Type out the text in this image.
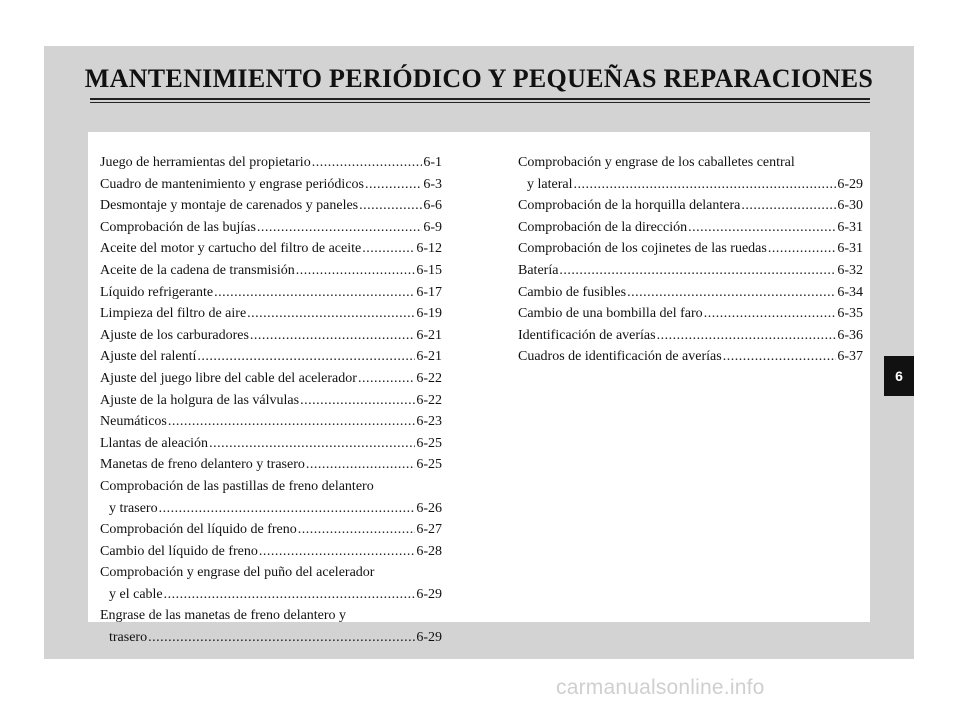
MANTENIMIENTO PERIÓDICO Y PEQUEÑAS REPARACIONES
Juego de herramientas del propietario .....	6-1
Cuadro de mantenimiento y engrase periódicos .....	6-3
Desmontaje y montaje de carenados y paneles .....	6-6
Comprobación de las bujías .....	6-9
Aceite del motor y cartucho del filtro de aceite .....	6-12
Aceite de la cadena de transmisión .....	6-15
Líquido refrigerante .....	6-17
Limpieza del filtro de aire .....	6-19
Ajuste de los carburadores .....	6-21
Ajuste del ralentí .....	6-21
Ajuste del juego libre del cable del acelerador .....	6-22
Ajuste de la holgura de las válvulas .....	6-22
Neumáticos .....	6-23
Llantas de aleación .....	6-25
Manetas de freno delantero y trasero .....	6-25
Comprobación de las pastillas de freno delantero
y trasero .....	6-26
Comprobación del líquido de freno .....	6-27
Cambio del líquido de freno .....	6-28
Comprobación y engrase del puño del acelerador
y el cable .....	6-29
Engrase de las manetas de freno delantero y
trasero .....	6-29
Comprobación y engrase de los caballetes central
y lateral .....	6-29
Comprobación de la horquilla delantera .....	6-30
Comprobación de la dirección .....	6-31
Comprobación de los cojinetes de las ruedas .....	6-31
Batería .....	6-32
Cambio de fusibles .....	6-34
Cambio de una bombilla del faro .....	6-35
Identificación de averías .....	6-36
Cuadros de identificación de averías .....	6-37
6
carmanualsonline.info
